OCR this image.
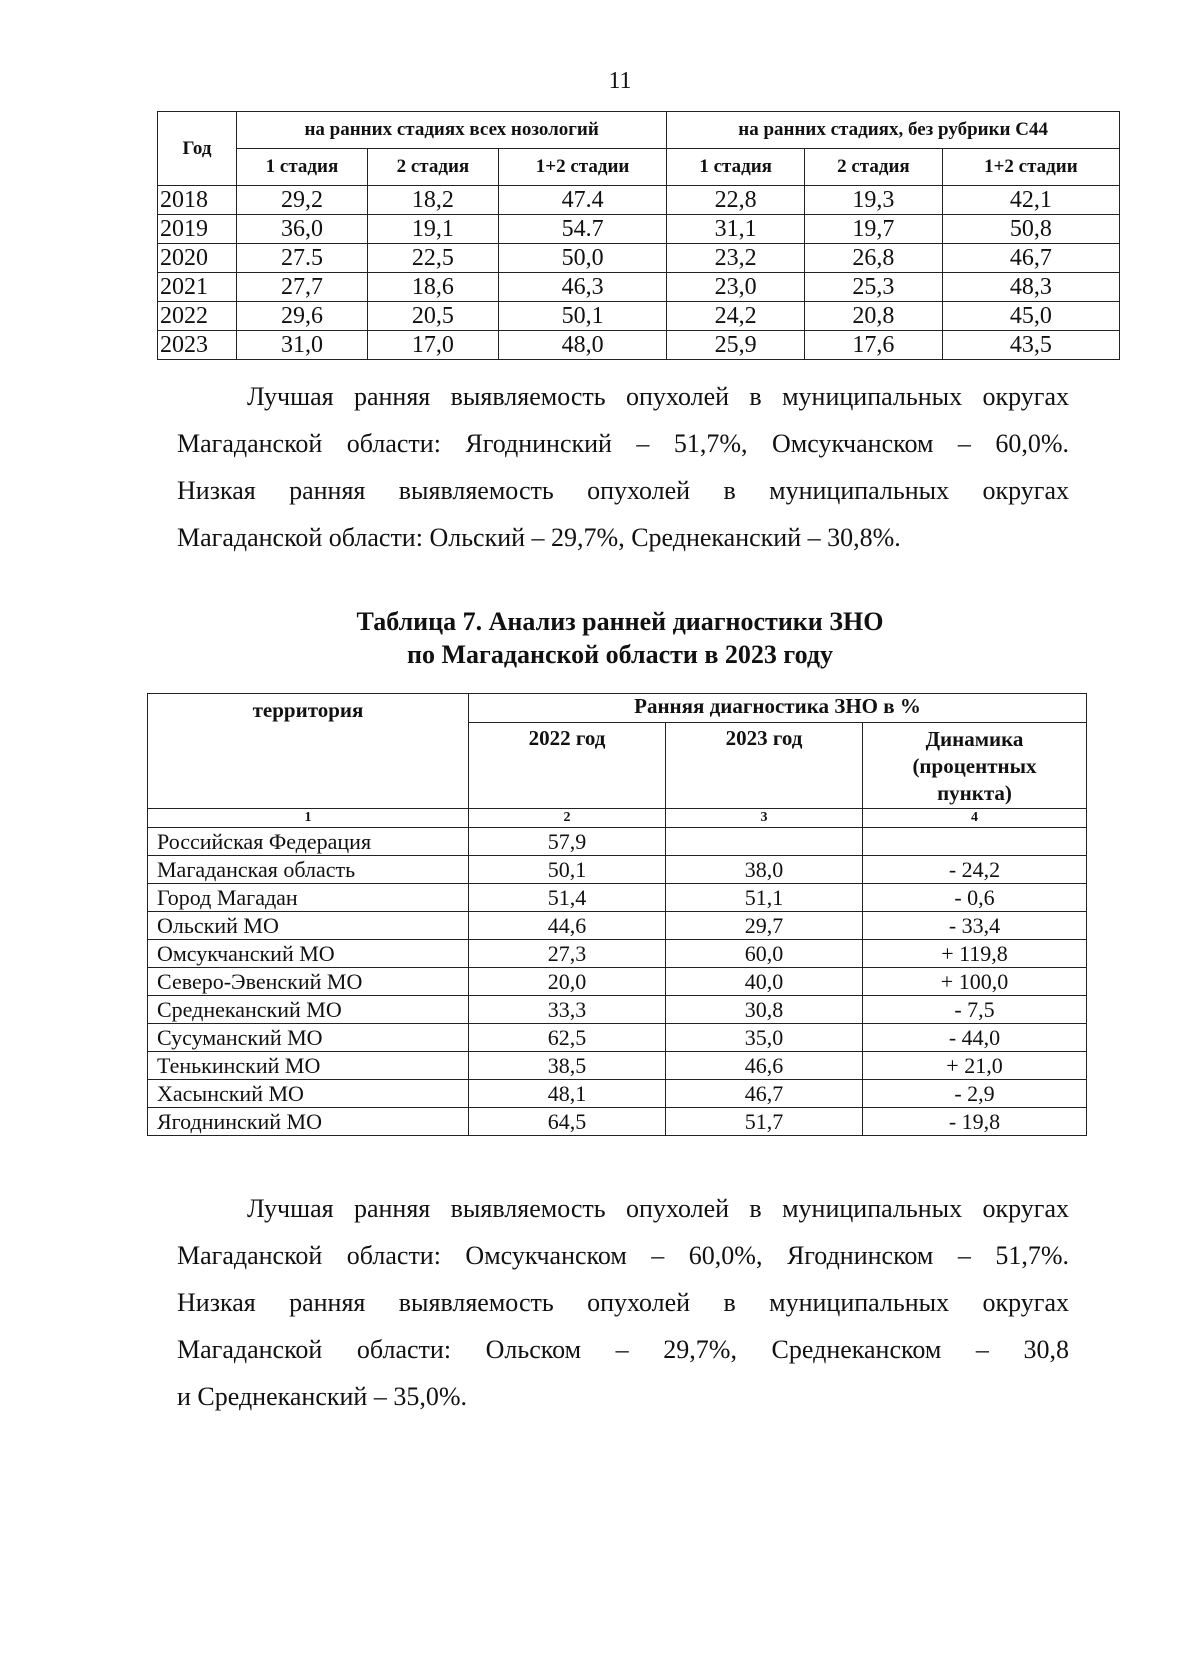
11
Год	на ранних стадиях всех нозологий			на ранних стадиях, без рубрики С44		
	1 стадия	2 стадия	1+2 стадии	1 стадия	2 стадия	1+2 стадии
2018	29,2	18,2	47.4	22,8	19,3	42,1
2019	36,0	19,1	54.7	31,1	19,7	50,8
2020	27.5	22,5	50,0	23,2	26,8	46,7
2021	27,7	18,6	46,3	23,0	25,3	48,3
2022	29,6	20,5	50,1	24,2	20,8	45,0
2023	31,0	17,0	48,0	25,9	17,6	43,5
Лучшая ранняя выявляемость опухолей в муниципальных округах
Магаданской области: Ягоднинский – 51,7%, Омсукчанском – 60,0%.
Низкая ранняя выявляемость опухолей в муниципальных округах
Магаданской области: Ольский – 29,7%, Среднеканский – 30,8%.
Таблица 7. Анализ ранней диагностики ЗНО
по Магаданской области в 2023 году
территория	Ранняя диагностика ЗНО в %		
	2022 год	2023 год	Динамика (процентных пункта)
1	2	3	4
Российская Федерация	57,9		
Магаданская область	50,1	38,0	- 24,2
Город Магадан	51,4	51,1	- 0,6
Ольский МО	44,6	29,7	- 33,4
Омсукчанский МО	27,3	60,0	+ 119,8
Северо-Эвенский МО	20,0	40,0	+ 100,0
Среднеканский МО	33,3	30,8	- 7,5
Сусуманский МО	62,5	35,0	- 44,0
Тенькинский МО	38,5	46,6	+ 21,0
Хасынский МО	48,1	46,7	- 2,9
Ягоднинский МО	64,5	51,7	- 19,8
Лучшая ранняя выявляемость опухолей в муниципальных округах
Магаданской области: Омсукчанском – 60,0%, Ягоднинском – 51,7%.
Низкая ранняя выявляемость опухолей в муниципальных округах
Магаданской области: Ольском – 29,7%, Среднеканском – 30,8
и Среднеканский – 35,0%.
